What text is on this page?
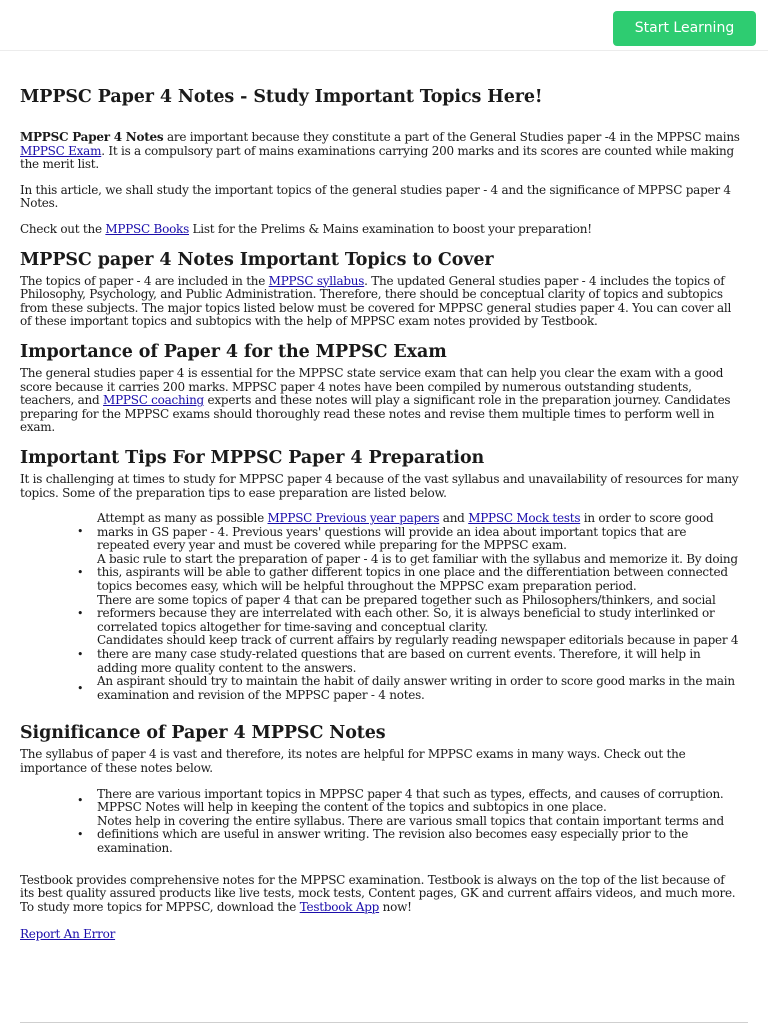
Start Learning
MPPSC Paper 4 Notes - Study Important Topics Here!

MPPSC Paper 4 Notes are important because they constitute a part of the General Studies paper -4 in the MPPSC mains MPPSC Exam. It is a compulsory part of mains examinations carrying 200 marks and its scores are counted while making the merit list.

In this article, we shall study the important topics of the general studies paper - 4 and the significance of MPPSC paper 4 Notes.

Check out the MPPSC Books List for the Prelims & Mains examination to boost your preparation!

MPPSC paper 4 Notes Important Topics to Cover

The topics of paper - 4 are included in the MPPSC syllabus. The updated General studies paper - 4 includes the topics of Philosophy, Psychology, and Public Administration. Therefore, there should be conceptual clarity of topics and subtopics from these subjects. The major topics listed below must be covered for MPPSC general studies paper 4. You can cover all of these important topics and subtopics with the help of MPPSC exam notes provided by Testbook.

Importance of Paper 4 for the MPPSC Exam

The general studies paper 4 is essential for the MPPSC state service exam that can help you clear the exam with a good score because it carries 200 marks. MPPSC paper 4 notes have been compiled by numerous outstanding students, teachers, and MPPSC coaching experts and these notes will play a significant role in the preparation journey. Candidates preparing for the MPPSC exams should thoroughly read these notes and revise them multiple times to perform well in exam.

Important Tips For MPPSC Paper 4 Preparation

It is challenging at times to study for MPPSC paper 4 because of the vast syllabus and unavailability of resources for many topics. Some of the preparation tips to ease preparation are listed below.

• Attempt as many as possible MPPSC Previous year papers and MPPSC Mock tests in order to score good marks in GS paper - 4. Previous years' questions will provide an idea about important topics that are repeated every year and must be covered while preparing for the MPPSC exam.
• A basic rule to start the preparation of paper - 4 is to get familiar with the syllabus and memorize it. By doing this, aspirants will be able to gather different topics in one place and the differentiation between connected topics becomes easy, which will be helpful throughout the MPPSC exam preparation period.
• There are some topics of paper 4 that can be prepared together such as Philosophers/thinkers, and social reformers because they are interrelated with each other. So, it is always beneficial to study interlinked or correlated topics altogether for time-saving and conceptual clarity.
• Candidates should keep track of current affairs by regularly reading newspaper editorials because in paper 4 there are many case study-related questions that are based on current events. Therefore, it will help in adding more quality content to the answers.
• An aspirant should try to maintain the habit of daily answer writing in order to score good marks in the main examination and revision of the MPPSC paper - 4 notes.
Significance of Paper 4 MPPSC Notes

The syllabus of paper 4 is vast and therefore, its notes are helpful for MPPSC exams in many ways. Check out the importance of these notes below.

• There are various important topics in MPPSC paper 4 that such as types, effects, and causes of corruption. MPPSC Notes will help in keeping the content of the topics and subtopics in one place.
• Notes help in covering the entire syllabus. There are various small topics that contain important terms and definitions which are useful in answer writing. The revision also becomes easy especially prior to the examination.

Testbook provides comprehensive notes for the MPPSC examination. Testbook is always on the top of the list because of its best quality assured products like live tests, mock tests, Content pages, GK and current affairs videos, and much more. To study more topics for MPPSC, download the Testbook App now!

Report An Error
